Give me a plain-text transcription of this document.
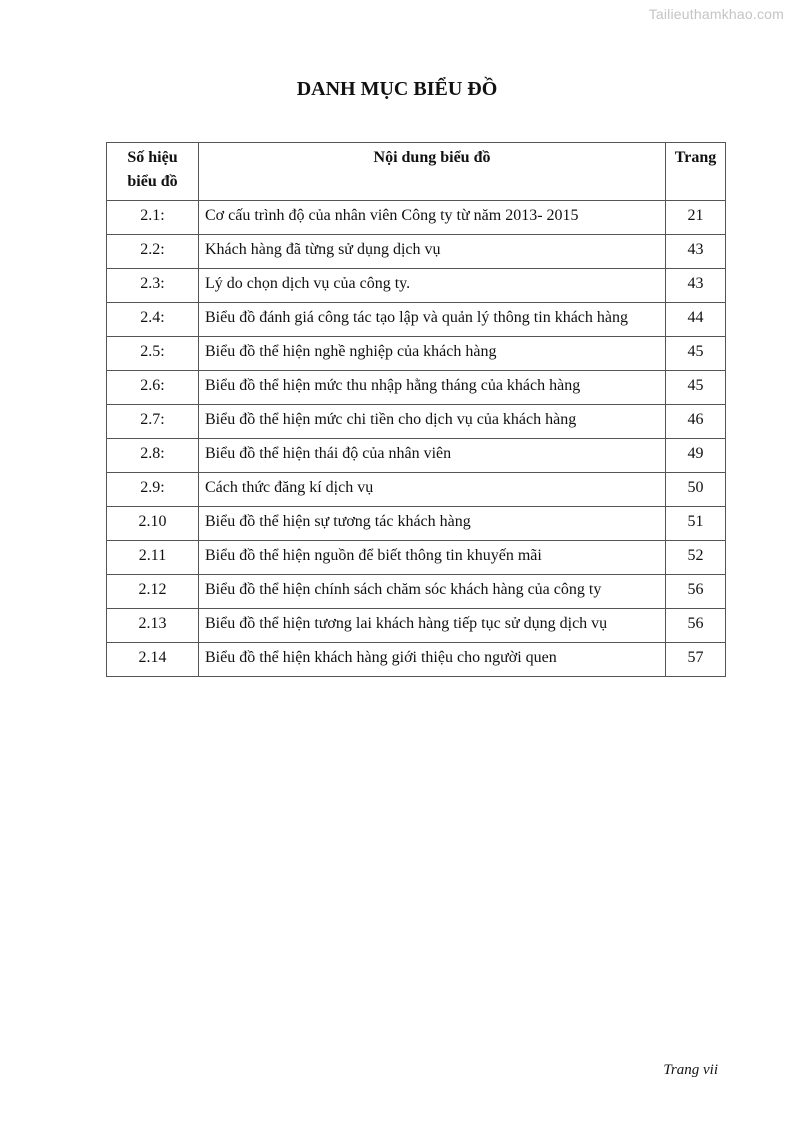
Tailieuthamkhao.com
DANH MỤC BIỂU ĐỒ
Số hiệu biểu đồ	Nội dung biểu đồ	Trang
2.1:	Cơ cấu trình độ của nhân viên Công ty từ năm 2013- 2015	21
2.2:	Khách hàng đã từng sử dụng dịch vụ	43
2.3:	Lý do chọn dịch vụ của công ty.	43
2.4:	Biểu đồ đánh giá công tác tạo lập và quản lý thông tin khách hàng	44
2.5:	Biểu đồ thể hiện nghề nghiệp của khách hàng	45
2.6:	Biểu đồ thể hiện mức thu nhập hằng tháng của khách hàng	45
2.7:	Biểu đồ thể hiện mức chi tiền cho dịch vụ của khách hàng	46
2.8:	Biểu đồ thể hiện thái độ của nhân viên	49
2.9:	Cách thức đăng kí dịch vụ	50
2.10	Biểu đồ thể hiện sự tương tác khách hàng	51
2.11	Biểu đồ thể hiện nguồn để biết thông tin khuyến mãi	52
2.12	Biểu đồ thể hiện chính sách chăm sóc khách hàng của công ty	56
2.13	Biểu đồ thể hiện tương lai khách hàng tiếp tục sử dụng dịch vụ	56
2.14	Biểu đồ thể hiện khách hàng giới thiệu cho người quen	57
Trang vii
